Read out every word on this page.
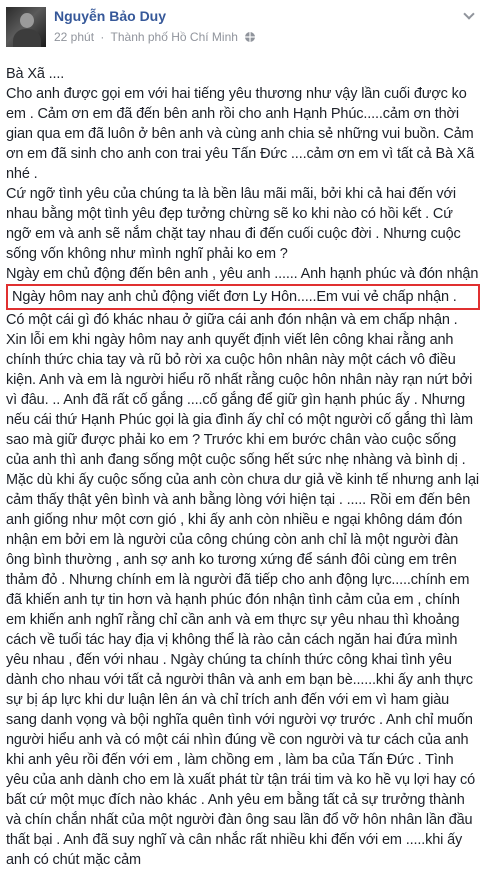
Nguyễn Bảo Duy
22 phút · Thành phố Hồ Chí Minh

Bà Xã ....

Cho anh được gọi em với hai tiếng yêu thương như vậy lần cuối được ko em . Cảm ơn em đã đến bên anh rồi cho anh Hạnh Phúc.....cảm ơn thời gian qua em đã luôn ở bên anh và cùng anh chia sẻ những vui buồn. Cảm ơn em đã sinh cho anh con trai yêu Tấn Đức ....cảm ơn em vì tất cả Bà Xã nhé .

Cứ ngỡ tình yêu của chúng ta là bền lâu mãi mãi, bởi khi cả hai đến với nhau bằng một tình yêu đẹp tưởng chừng sẽ ko khi nào có hồi kết . Cứ ngỡ em và anh sẽ nắm chặt tay nhau đi đến cuối cuộc đời . Nhưng cuộc sống vốn không như mình nghĩ phải ko em ?

Ngày em chủ động đến bên anh , yêu anh ...... Anh hạnh phúc và đón nhận

Ngày hôm nay anh chủ động viết đơn Ly Hôn.....Em vui vẻ chấp nhận .

Có một cái gì đó khác nhau ở giữa cái anh đón nhận và em chấp nhận . Xin lỗi em khi ngày hôm nay anh quyết định viết lên công khai rằng anh chính thức chia tay và rũ bỏ rời xa cuộc hôn nhân này một cách vô điều kiện. Anh và em là người hiểu rõ nhất rằng cuộc hôn nhân này rạn nứt bởi vì đâu. .. Anh đã rất cố gắng ....cố gắng để giữ gìn hạnh phúc ấy . Nhưng nếu cái thứ Hạnh Phúc gọi là gia đình ấy chỉ có một người cố gắng thì làm sao mà giữ được phải ko em ? Trước khi em bước chân vào cuộc sống của anh thì anh đang sống một cuộc sống hết sức nhẹ nhàng và bình dị . Mặc dù khi ấy cuộc sống của anh còn chưa dư giả về kinh tế nhưng anh lại cảm thấy thật yên bình và anh bằng lòng với hiện tại . ..... Rồi em đến bên anh giống như một cơn gió , khi ấy anh còn nhiều e ngại không dám đón nhận em bởi em là người của công chúng còn anh chỉ là một người đàn ông bình thường , anh sợ anh ko tương xứng để sánh đôi cùng em trên thảm đỏ . Nhưng chính em là người đã tiếp cho anh động lực.....chính em đã khiến anh tự tin hơn và hạnh phúc đón nhận tình cảm của em , chính em khiến anh nghĩ rằng chỉ cần anh và em thực sự yêu nhau thì khoảng cách về tuổi tác hay địa vị không thể là rào cản cách ngăn hai đứa mình yêu nhau , đến với nhau . Ngày chúng ta chính thức công khai tình yêu dành cho nhau với tất cả người thân và anh em bạn bè......khi ấy anh thực sự bị áp lực khi dư luận lên án và chỉ trích anh đến với em vì ham giàu sang danh vọng và bội nghĩa quên tình với người vợ trước . Anh chỉ muốn người hiểu anh và có một cái nhìn đúng về con người và tư cách của anh khi anh yêu rồi đến với em , làm chồng em , làm ba của Tấn Đức . Tình yêu của anh dành cho em là xuất phát từ tận trái tim và ko hề vụ lợi hay có bất cứ một mục đích nào khác . Anh yêu em bằng tất cả sự trưởng thành và chín chắn nhất của một người đàn ông sau lần đổ vỡ hôn nhân lần đầu thất bại . Anh đã suy nghĩ và cân nhắc rất nhiều khi đến với em .....khi ấy anh có chút mặc cảm
